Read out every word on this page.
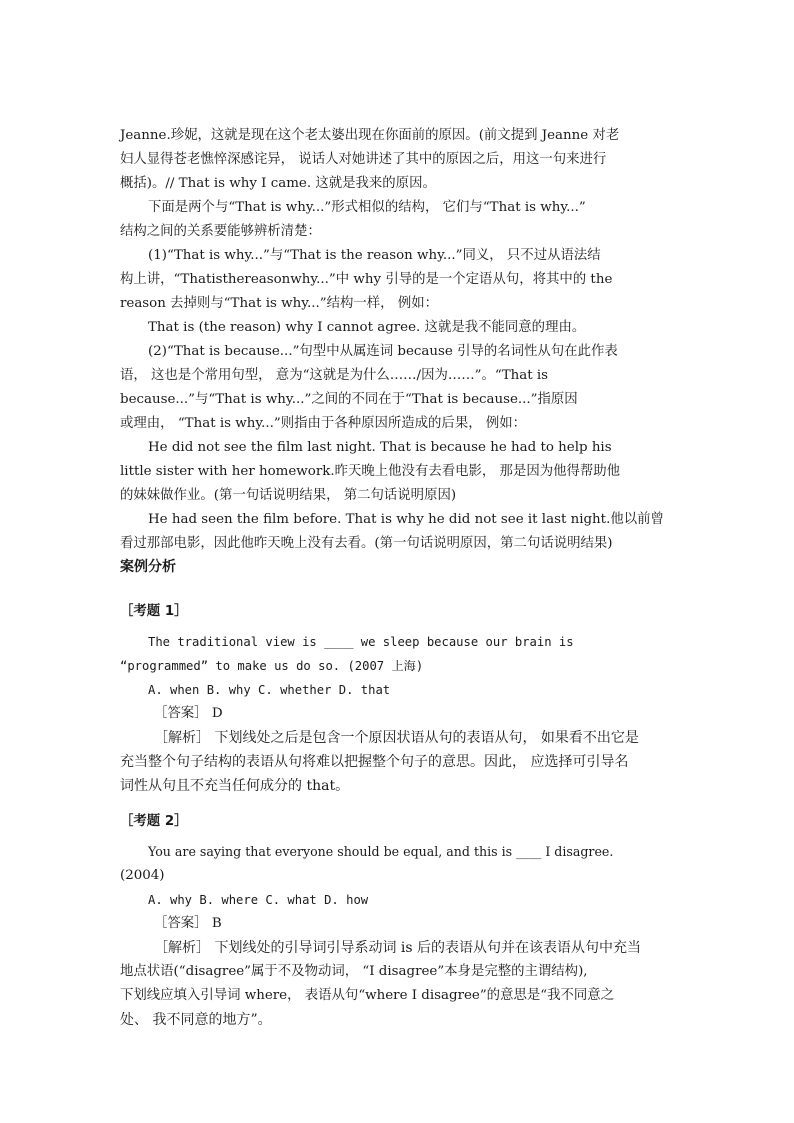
Jeanne.珍妮，这就是现在这个老太婆出现在你面前的原因。(前文提到 Jeanne 对老
妇人显得苍老憔悴深感诧异， 说话人对她讲述了其中的原因之后，用这一句来进行
概括)。// That is why I came. 这就是我来的原因。
下面是两个与“That is why...”形式相似的结构， 它们与“That is why...”
结构之间的关系要能够辨析清楚：
(1)“That is why...”与“That is the reason why...”同义， 只不过从语法结
构上讲，“Thatisthereasonwhy...”中 why 引导的是一个定语从句，将其中的 the
reason 去掉则与“That is why...”结构一样， 例如：
That is (the reason) why I cannot agree. 这就是我不能同意的理由。
(2)“That is because...”句型中从属连词 because 引导的名词性从句在此作表
语， 这也是个常用句型， 意为“这就是为什么……/因为……”。“That is
because...”与“That is why...”之间的不同在于“That is because...”指原因
或理由， “That is why...”则指由于各种原因所造成的后果， 例如：
He did not see the film last night. That is because he had to help his
little sister with her homework.昨天晚上他没有去看电影， 那是因为他得帮助他
的妹妹做作业。(第一句话说明结果， 第二句话说明原因)
He had seen the film before. That is why he did not see it last night.他以前曾
看过那部电影，因此他昨天晚上没有去看。(第一句话说明原因，第二句话说明结果)
案例分析
［考题 1］
The traditional view is ____ we sleep because our brain is
“programmed” to make us do so. (2007 上海)
A. when B. why C. whether D. that
［答案］ D
［解析］ 下划线处之后是包含一个原因状语从句的表语从句， 如果看不出它是
充当整个句子结构的表语从句将难以把握整个句子的意思。因此， 应选择可引导名
词性从句且不充当任何成分的 that。
［考题 2］
You are saying that everyone should be equal, and this is ____ I disagree.
(2004)
A. why B. where C. what D. how
［答案］ B
［解析］ 下划线处的引导词引导系动词 is 后的表语从句并在该表语从句中充当
地点状语(“disagree”属于不及物动词， “I disagree”本身是完整的主谓结构),
下划线应填入引导词 where， 表语从句“where I disagree”的意思是“我不同意之
处、 我不同意的地方”。
